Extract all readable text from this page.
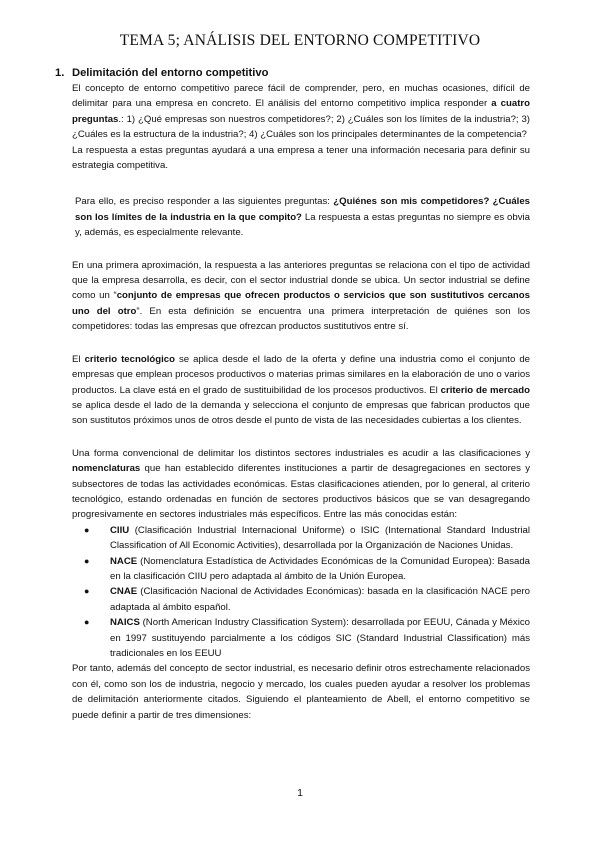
TEMA 5; ANÁLISIS DEL ENTORNO COMPETITIVO
1. Delimitación del entorno competitivo

El concepto de entorno competitivo parece fácil de comprender, pero, en muchas ocasiones, difícil de delimitar para una empresa en concreto. El análisis del entorno competitivo implica responder a cuatro preguntas.: 1) ¿Qué empresas son nuestros competidores?; 2) ¿Cuáles son los límites de la industria?; 3) ¿Cuáles es la estructura de la industria?; 4) ¿Cuáles son los principales determinantes de la competencia?

La respuesta a estas preguntas ayudará a una empresa a tener una información necesaria para definir su estrategia competitiva.

Para ello, es preciso responder a las siguientes preguntas: ¿Quiénes son mis competidores? ¿Cuáles son los límites de la industria en la que compito? La respuesta a estas preguntas no siempre es obvia y, además, es especialmente relevante.

En una primera aproximación, la respuesta a las anteriores preguntas se relaciona con el tipo de actividad que la empresa desarrolla, es decir, con el sector industrial donde se ubica. Un sector industrial se define como un “conjunto de empresas que ofrecen productos o servicios que son sustitutivos cercanos uno del otro”. En esta definición se encuentra una primera interpretación de quiénes son los competidores: todas las empresas que ofrezcan productos sustitutivos entre sí.

El criterio tecnológico se aplica desde el lado de la oferta y define una industria como el conjunto de empresas que emplean procesos productivos o materias primas similares en la elaboración de uno o varios productos. La clave está en el grado de sustituibilidad de los procesos productivos. El criterio de mercado se aplica desde el lado de la demanda y selecciona el conjunto de empresas que fabrican productos que son sustitutos próximos unos de otros desde el punto de vista de las necesidades cubiertas a los clientes.

Una forma convencional de delimitar los distintos sectores industriales es acudir a las clasificaciones y nomenclaturas que han establecido diferentes instituciones a partir de desagregaciones en sectores y subsectores de todas las actividades económicas. Estas clasificaciones atienden, por lo general, al criterio tecnológico, estando ordenadas en función de sectores productivos básicos que se van desagregando progresivamente en sectores industriales más específicos. Entre las más conocidas están:

● CIIU (Clasificación Industrial Internacional Uniforme) o ISIC (International Standard Industrial Classification of All Economic Activities), desarrollada por la Organización de Naciones Unidas.
● NACE (Nomenclatura Estadística de Actividades Económicas de la Comunidad Europea): Basada en la clasificación CIIU pero adaptada al ámbito de la Unión Europea.
● CNAE (Clasificación Nacional de Actividades Económicas): basada en la clasificación NACE pero adaptada al ámbito español.
● NAICS (North American Industry Classification System): desarrollada por EEUU, Cánada y México en 1997 sustituyendo parcialmente a los códigos SIC (Standard Industrial Classification) más tradicionales en los EEUU

Por tanto, además del concepto de sector industrial, es necesario definir otros estrechamente relacionados con él, como son los de industria, negocio y mercado, los cuales pueden ayudar a resolver los problemas de delimitación anteriormente citados. Siguiendo el planteamiento de Abell, el entorno competitivo se puede definir a partir de tres dimensiones:

1
